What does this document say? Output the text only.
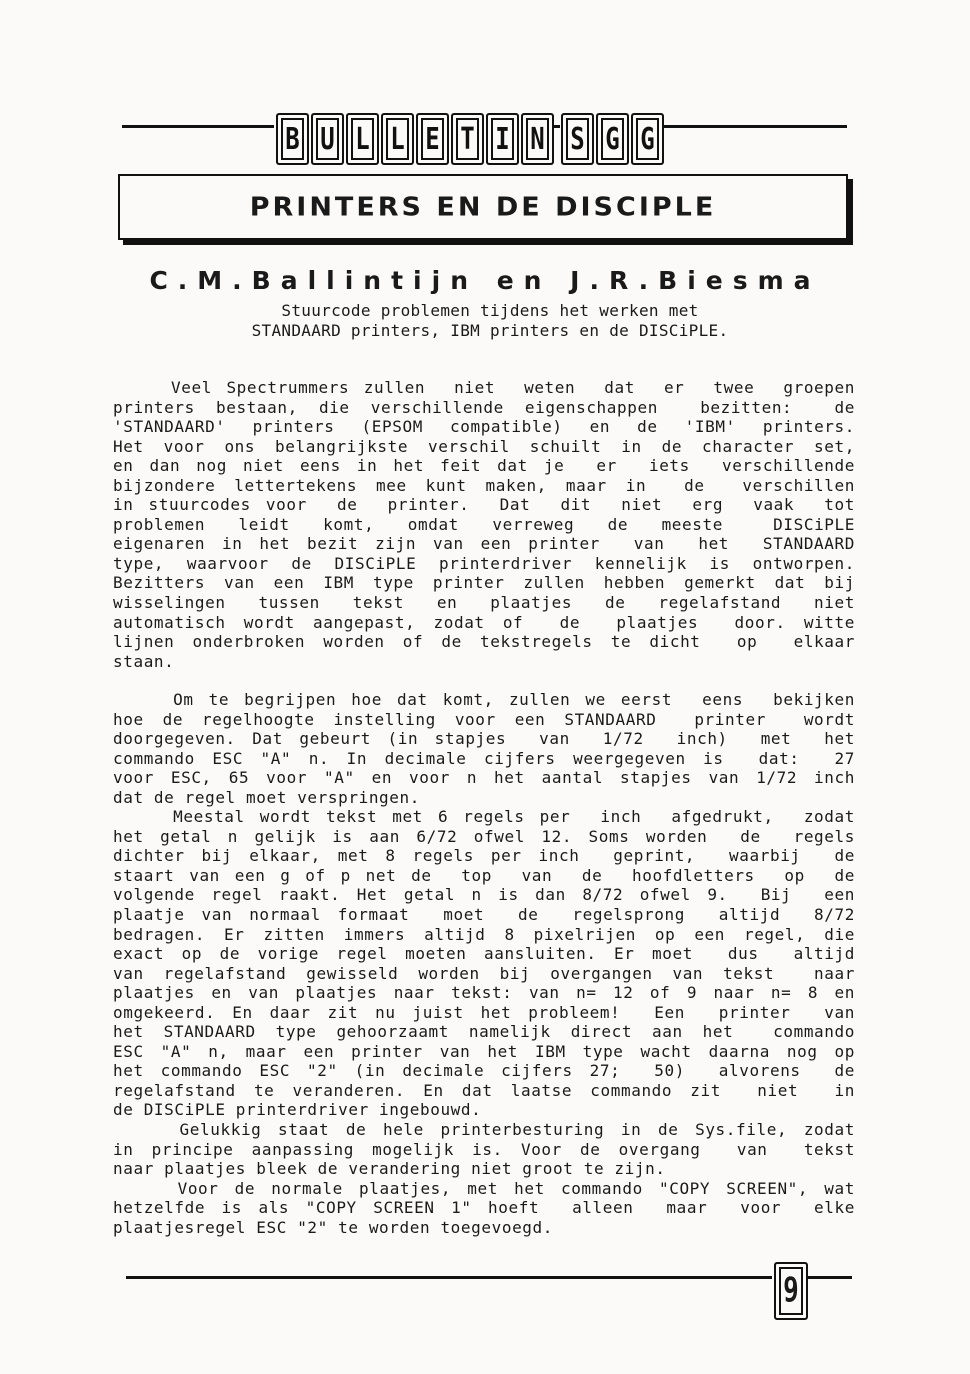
B U L L E T I N S G G
PRINTERS EN DE DISCIPLE
C.M.Ballintijn en J.R.Biesma
Stuurcode problemen tijdens het werken met
STANDAARD printers, IBM printers en de DISCiPLE.
Veel Spectrummers zullen  niet  weten  dat  er  twee  groepen
printers bestaan, die verschillende eigenschappen  bezitten:  de
'STANDAARD' printers (EPSOM compatible) en de 'IBM' printers.
Het voor ons belangrijkste verschil schuilt in de character set,
en dan nog niet eens in het feit dat je  er  iets  verschillende
bijzondere lettertekens mee kunt maken, maar in  de  verschillen
in stuurcodes voor  de  printer.  Dat  dit  niet  erg  vaak  tot
problemen  leidt  komt,  omdat  verreweg  de  meeste   DISCiPLE
eigenaren in het bezit zijn van een printer  van  het  STANDAARD
type, waarvoor de DISCiPLE printerdriver kennelijk is ontworpen.
Bezitters van een IBM type printer zullen hebben gemerkt dat bij
wisselingen  tussen  tekst  en  plaatjes  de  regelafstand  niet
automatisch wordt aangepast, zodat of  de  plaatjes  door. witte
lijnen onderbroken worden of de tekstregels te dicht  op  elkaar
staan.
Om te begrijpen hoe dat komt, zullen we eerst  eens  bekijken
hoe de regelhoogte instelling voor een STANDAARD  printer  wordt
doorgegeven. Dat gebeurt (in stapjes  van  1/72  inch)  met  het
commando ESC "A" n. In decimale cijfers weergegeven is  dat:  27
voor ESC, 65 voor "A" en voor n het aantal stapjes van 1/72 inch
dat de regel moet verspringen.
Meestal wordt tekst met 6 regels per  inch  afgedrukt,  zodat
het getal n gelijk is aan 6/72 ofwel 12. Soms worden  de  regels
dichter bij elkaar, met 8 regels per inch  geprint,  waarbij  de
staart van een g of p net de  top  van  de  hoofdletters  op  de
volgende regel raakt. Het getal n is dan 8/72 ofwel 9.  Bij  een
plaatje van normaal formaat  moet  de  regelsprong  altijd  8/72
bedragen. Er zitten immers altijd 8 pixelrijen op een regel, die
exact op de vorige regel moeten aansluiten. Er moet  dus  altijd
van regelafstand gewisseld worden bij overgangen van tekst  naar
plaatjes en van plaatjes naar tekst: van n= 12 of 9 naar n= 8 en
omgekeerd. En daar zit nu juist het probleem!  Een  printer  van
het STANDAARD type gehoorzaamt namelijk direct aan het  commando
ESC "A" n, maar een printer van het IBM type wacht daarna nog op
het commando ESC "2" (in decimale cijfers 27;  50)  alvorens  de
regelafstand te veranderen. En dat laatse commando zit  niet  in
de DISCiPLE printerdriver ingebouwd.
Gelukkig staat de hele printerbesturing in de Sys.file, zodat
in principe aanpassing mogelijk is. Voor de overgang  van  tekst
naar plaatjes bleek de verandering niet groot te zijn.
Voor de normale plaatjes, met het commando "COPY SCREEN", wat
hetzelfde is als "COPY SCREEN 1" hoeft  alleen  maar  voor  elke
plaatjesregel ESC "2" te worden toegevoegd.
9
